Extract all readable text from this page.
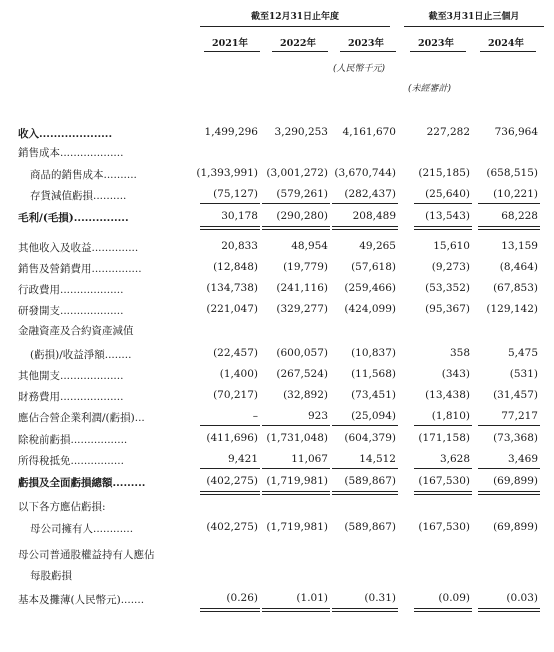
截至12月31日止年度	截至3月31日止三個月
2021年	2022年	2023年	2023年	2024年
(人民幣千元)
(未經審計)
收入....................	1,499,296	3,290,253	4,161,670	227,282	736,964
銷售成本...................
商品的銷售成本..........	(1,393,991) (3,001,272) (3,670,744)	(215,185)	(658,515)
存貨減值虧損..........	(75,127)	(579,261)	(282,437)	(25,640)	(10,221)
毛利/(毛損)...............	30,178	(290,280)	208,489	(13,543)	68,228
其他收入及收益..............	20,833	48,954	49,265	15,610	13,159
銷售及營銷費用...............	(12,848)	(19,779)	(57,618)	(9,273)	(8,464)
行政費用...................	(134,738)	(241,116)	(259,466)	(53,352)	(67,853)
研發開支...................	(221,047)	(329,277)	(424,099)	(95,367)	(129,142)
金融資產及合約資產減值
(虧損)/收益淨額........	(22,457)	(600,057)	(10,837)	358	5,475
其他開支...................	(1,400)	(267,524)	(11,568)	(343)	(531)
財務費用...................	(70,217)	(32,892)	(73,451)	(13,438)	(31,457)
應佔合營企業利潤/(虧損)...	–	923	(25,094)	(1,810)	77,217
除稅前虧損.................	(411,696) (1,731,048)	(604,379)	(171,158)	(73,368)
所得稅抵免................	9,421	11,067	14,512	3,628	3,469
虧損及全面虧損總額.........	(402,275) (1,719,981)	(589,867)	(167,530)	(69,899)
以下各方應佔虧損:
母公司擁有人............	(402,275) (1,719,981)	(589,867)	(167,530)	(69,899)
母公司普通股權益持有人應佔
每股虧損
基本及攤薄(人民幣元).......	(0.26)	(1.01)	(0.31)	(0.09)	(0.03)
